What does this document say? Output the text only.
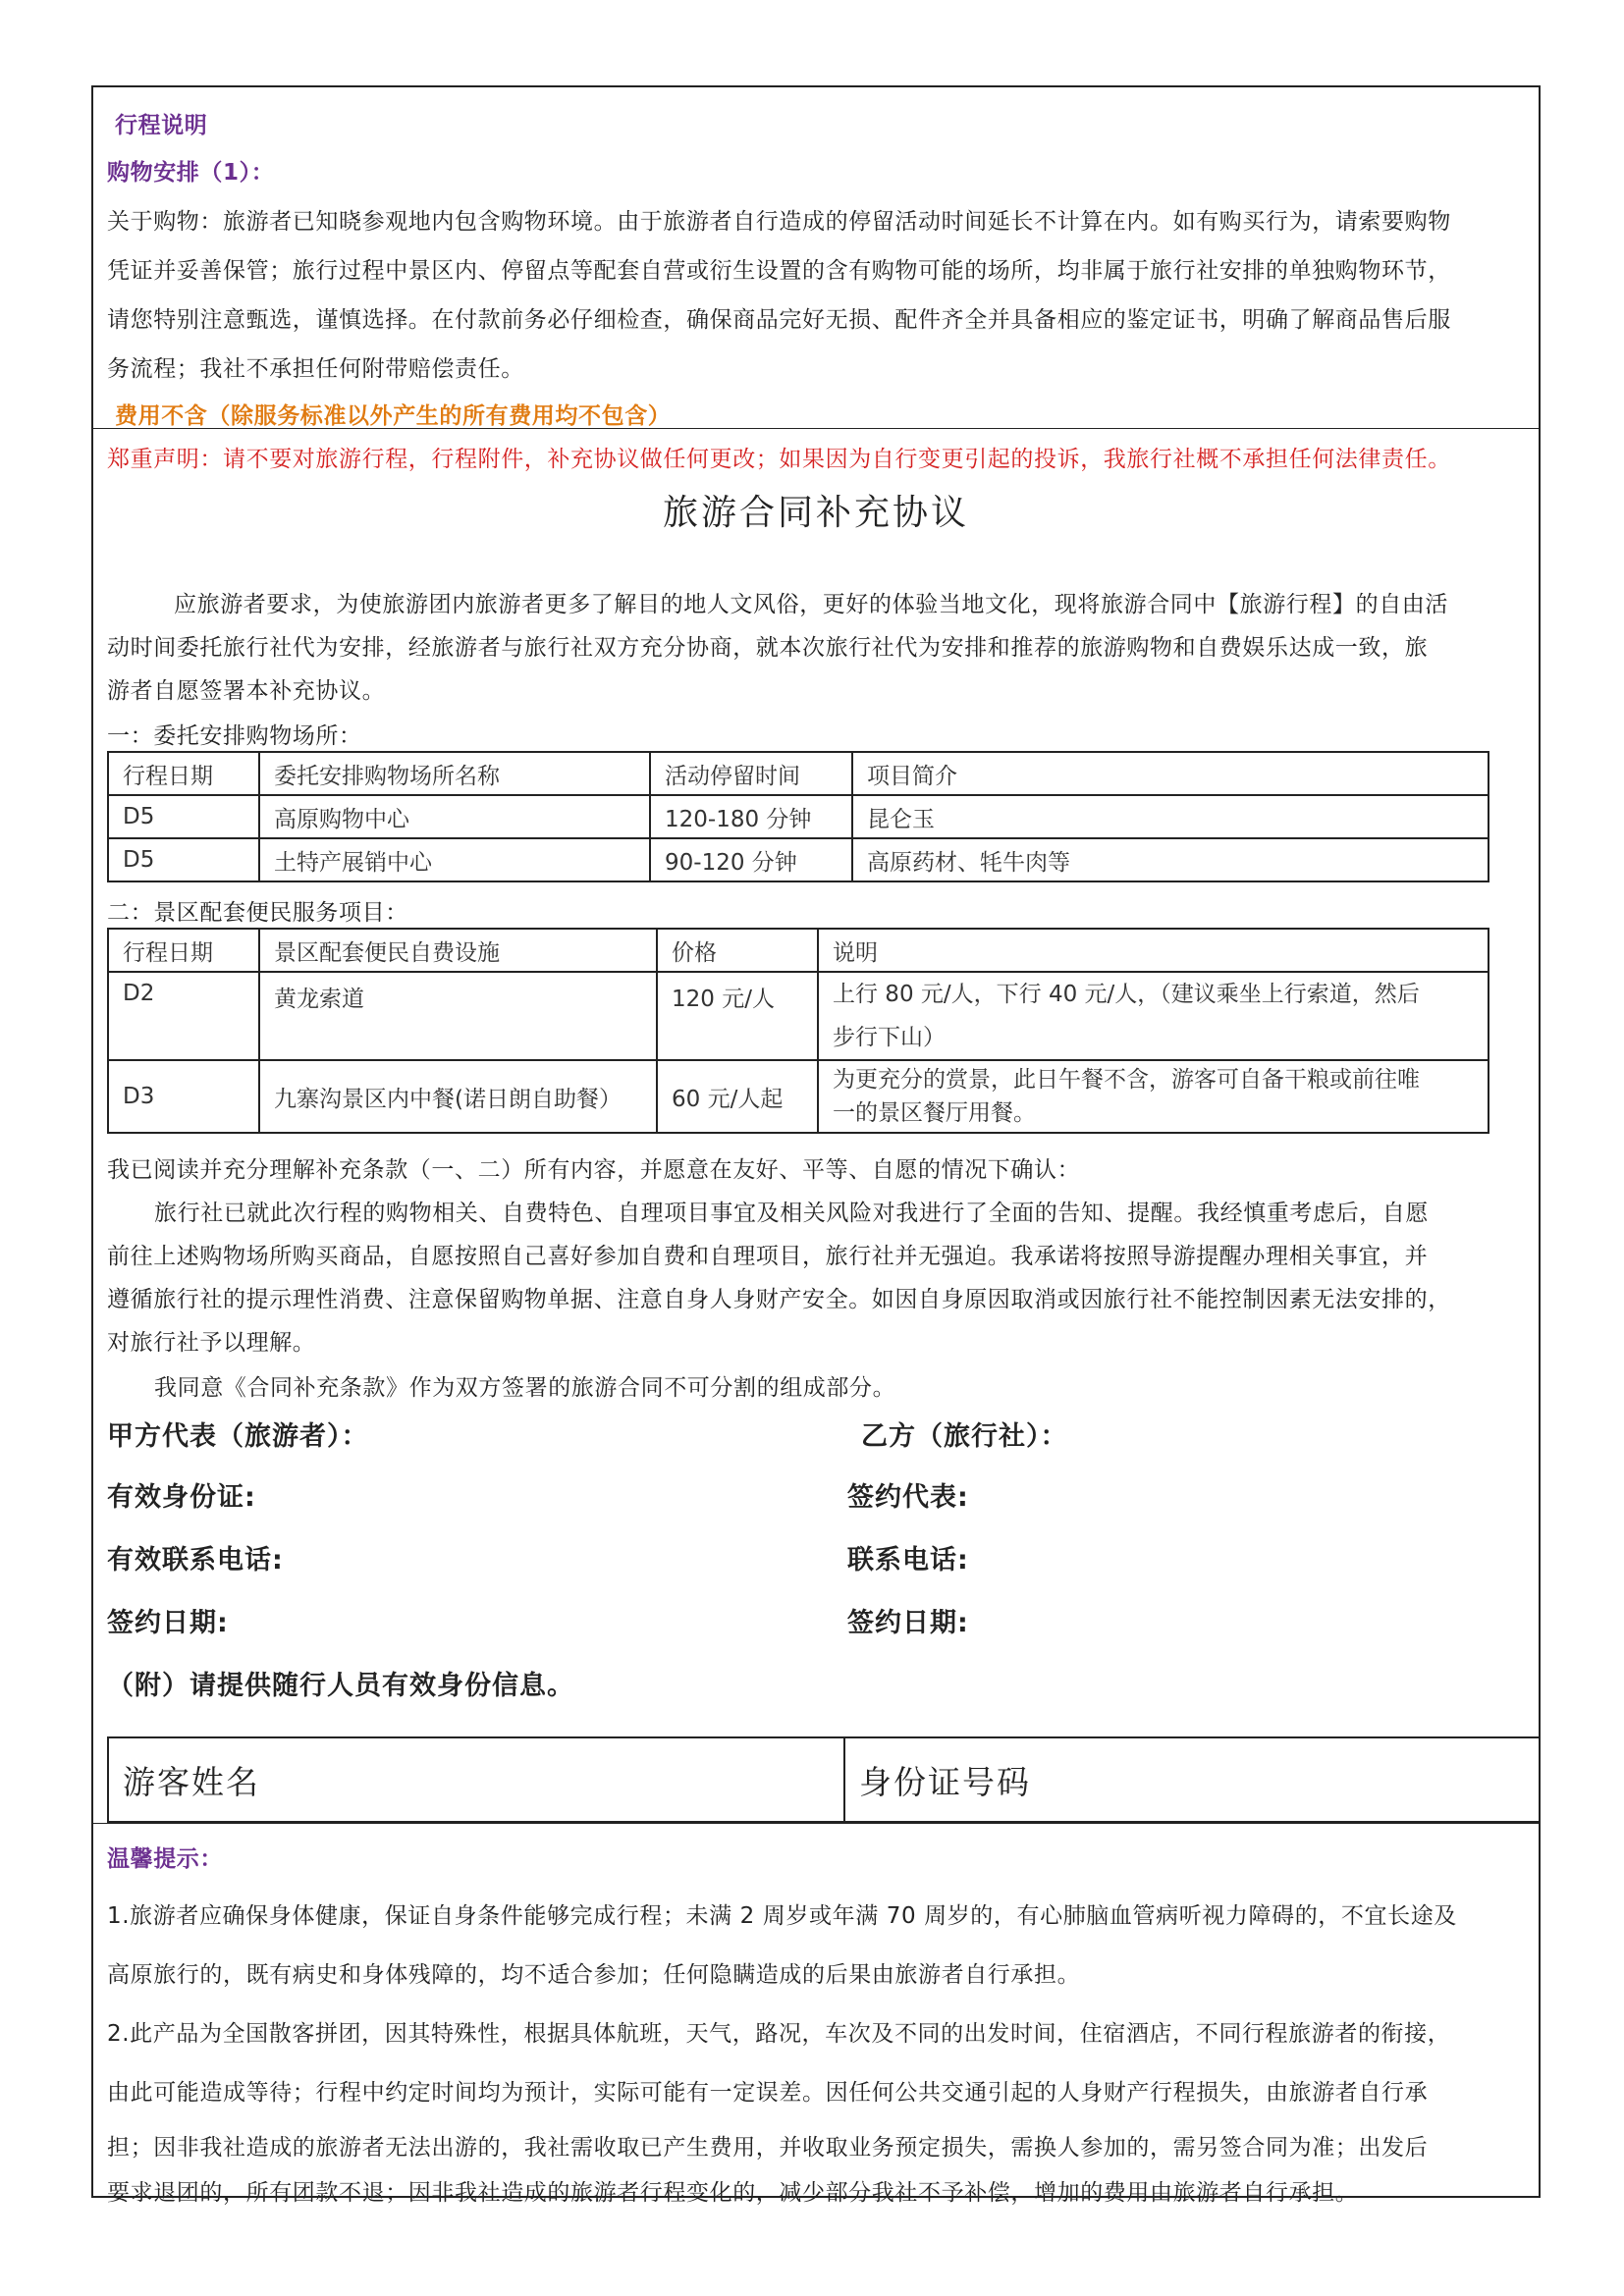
行程说明
购物安排（1）：
关于购物：旅游者已知晓参观地内包含购物环境。由于旅游者自行造成的停留活动时间延长不计算在内。如有购买行为，请索要购物
凭证并妥善保管；旅行过程中景区内、停留点等配套自营或衍生设置的含有购物可能的场所，均非属于旅行社安排的单独购物环节，
请您特别注意甄选，谨慎选择。在付款前务必仔细检查，确保商品完好无损、配件齐全并具备相应的鉴定证书，明确了解商品售后服
务流程；我社不承担任何附带赔偿责任。
费用不含（除服务标准以外产生的所有费用均不包含）
郑重声明：请不要对旅游行程，行程附件，补充协议做任何更改；如果因为自行变更引起的投诉，我旅行社概不承担任何法律责任。
旅游合同补充协议
应旅游者要求，为使旅游团内旅游者更多了解目的地人文风俗，更好的体验当地文化，现将旅游合同中【旅游行程】的自由活
动时间委托旅行社代为安排，经旅游者与旅行社双方充分协商，就本次旅行社代为安排和推荐的旅游购物和自费娱乐达成一致，旅
游者自愿签署本补充协议。
一：委托安排购物场所：
行程日期	委托安排购物场所名称	活动停留时间	项目简介
D5	高原购物中心	120-180 分钟	昆仑玉
D5	土特产展销中心	90-120 分钟	高原药材、牦牛肉等
二：景区配套便民服务项目：
行程日期	景区配套便民自费设施	价格	说明
D2	黄龙索道	120 元/人	上行 80 元/人，下行 40 元/人，（建议乘坐上行索道，然后
步行下山）

D3	九寨沟景区内中餐(诺日朗自助餐）	60 元/人起	为更充分的赏景，此日午餐不含，游客可自备干粮或前往唯
一的景区餐厅用餐。
我已阅读并充分理解补充条款（一、二）所有内容，并愿意在友好、平等、自愿的情况下确认：
旅行社已就此次行程的购物相关、自费特色、自理项目事宜及相关风险对我进行了全面的告知、提醒。我经慎重考虑后，自愿
前往上述购物场所购买商品，自愿按照自己喜好参加自费和自理项目，旅行社并无强迫。我承诺将按照导游提醒办理相关事宜，并
遵循旅行社的提示理性消费、注意保留购物单据、注意自身人身财产安全。如因自身原因取消或因旅行社不能控制因素无法安排的，
对旅行社予以理解。
我同意《合同补充条款》作为双方签署的旅游合同不可分割的组成部分。
甲方代表（旅游者）：	乙方（旅行社）：
有效身份证:	签约代表:
有效联系电话:	联系电话:
签约日期:	签约日期:
（附）请提供随行人员有效身份信息。
游客姓名	身份证号码
温馨提示：
1.旅游者应确保身体健康，保证自身条件能够完成行程；未满 2 周岁或年满 70 周岁的，有心肺脑血管病听视力障碍的，不宜长途及
高原旅行的，既有病史和身体残障的，均不适合参加；任何隐瞒造成的后果由旅游者自行承担。
2.此产品为全国散客拼团，因其特殊性，根据具体航班，天气，路况，车次及不同的出发时间，住宿酒店，不同行程旅游者的衔接，
由此可能造成等待；行程中约定时间均为预计，实际可能有一定误差。因任何公共交通引起的人身财产行程损失，由旅游者自行承
担；因非我社造成的旅游者无法出游的，我社需收取已产生费用，并收取业务预定损失，需换人参加的，需另签合同为准；出发后
要求退团的，所有团款不退；因非我社造成的旅游者行程变化的，减少部分我社不予补偿，增加的费用由旅游者自行承担。
